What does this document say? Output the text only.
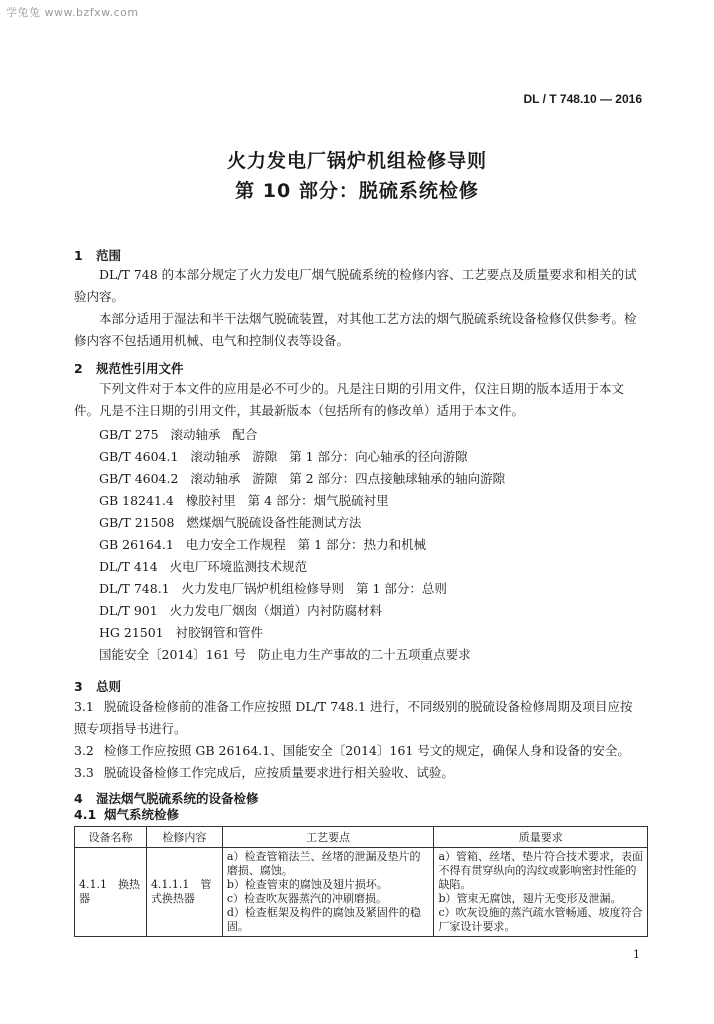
学兔兔 www.bzfxw.com
DL / T 748.10 — 2016
火力发电厂锅炉机组检修导则
第 10 部分：脱硫系统检修
1 范围

DL/T 748 的本部分规定了火力发电厂烟气脱硫系统的检修内容、工艺要点及质量要求和相关的试验内容。

本部分适用于湿法和半干法烟气脱硫装置，对其他工艺方法的烟气脱硫系统设备检修仅供参考。检修内容不包括通用机械、电气和控制仪表等设备。

2 规范性引用文件

下列文件对于本文件的应用是必不可少的。凡是注日期的引用文件，仅注日期的版本适用于本文件。凡是不注日期的引用文件，其最新版本（包括所有的修改单）适用于本文件。

GB/T 275   滚动轴承   配合
GB/T 4604.1   滚动轴承   游隙   第 1 部分：向心轴承的径向游隙
GB/T 4604.2   滚动轴承   游隙   第 2 部分：四点接触球轴承的轴向游隙
GB 18241.4   橡胶衬里   第 4 部分：烟气脱硫衬里
GB/T 21508   燃煤烟气脱硫设备性能测试方法
GB 26164.1   电力安全工作规程   第 1 部分：热力和机械
DL/T 414   火电厂环境监测技术规范
DL/T 748.1   火力发电厂锅炉机组检修导则   第 1 部分：总则
DL/T 901   火力发电厂烟囱（烟道）内衬防腐材料
HG 21501   衬胶钢管和管件
国能安全〔2014〕161 号   防止电力生产事故的二十五项重点要求
3 总则

3.1 脱硫设备检修前的准备工作应按照 DL/T 748.1 进行，不同级别的脱硫设备检修周期及项目应按照专项指导书进行。

3.2 检修工作应按照 GB 26164.1、国能安全〔2014〕161 号文的规定，确保人身和设备的安全。

3.3 脱硫设备检修工作完成后，应按质量要求进行相关验收、试验。

4 湿法烟气脱硫系统的设备检修
4.1 烟气系统检修
设备名称	检修内容	工艺要点	质量要求
4.1.1　换热器	4.1.1.1　管式换热器	a）检查管箱法兰、丝堵的泄漏及垫片的磨损、腐蚀。
b）检查管束的腐蚀及翅片损坏。
c）检查吹灰器蒸汽的冲刷磨损。
d）检查框架及构件的腐蚀及紧固件的稳固。	a）管箱、丝堵、垫片符合技术要求，表面不得有贯穿纵向的沟纹或影响密封性能的缺陷。
b）管束无腐蚀，翅片无变形及泄漏。
c）吹灰设施的蒸汽疏水管畅通、坡度符合厂家设计要求。
1
